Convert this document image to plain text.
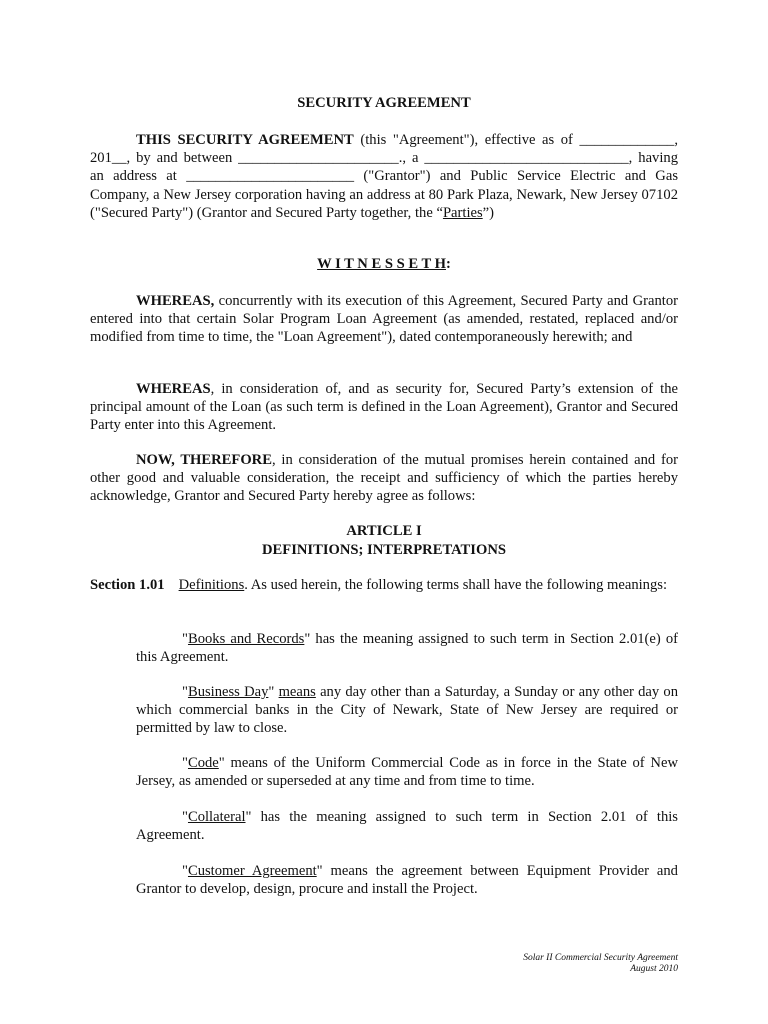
SECURITY AGREEMENT

THIS SECURITY AGREEMENT (this "Agreement"), effective as of _____________, 201__, by and between ______________________., a ____________________________, having an address at _______________________ ("Grantor") and Public Service Electric and Gas Company, a New Jersey corporation having an address at 80 Park Plaza, Newark, New Jersey 07102 ("Secured Party") (Grantor and Secured Party together, the “Parties”)

W I T N E S S E T H:

WHEREAS, concurrently with its execution of this Agreement, Secured Party and Grantor entered into that certain Solar Program Loan Agreement (as amended, restated, replaced and/or modified from time to time, the "Loan Agreement"), dated contemporaneously herewith; and

WHEREAS, in consideration of, and as security for, Secured Party’s extension of the principal amount of the Loan (as such term is defined in the Loan Agreement), Grantor and Secured Party enter into this Agreement.

NOW, THEREFORE, in consideration of the mutual promises herein contained and for other good and valuable consideration, the receipt and sufficiency of which the parties hereby acknowledge, Grantor and Secured Party hereby agree as follows:

ARTICLE I
DEFINITIONS; INTERPRETATIONS

Section 1.01 Definitions. As used herein, the following terms shall have the following meanings:

"Books and Records" has the meaning assigned to such term in Section 2.01(e) of this Agreement.

"Business Day" means any day other than a Saturday, a Sunday or any other day on which commercial banks in the City of Newark, State of New Jersey are required or permitted by law to close.

"Code" means of the Uniform Commercial Code as in force in the State of New Jersey, as amended or superseded at any time and from time to time.

"Collateral" has the meaning assigned to such term in Section 2.01 of this Agreement.

"Customer Agreement" means the agreement between Equipment Provider and Grantor to develop, design, procure and install the Project.

Solar II Commercial Security Agreement
August 2010
